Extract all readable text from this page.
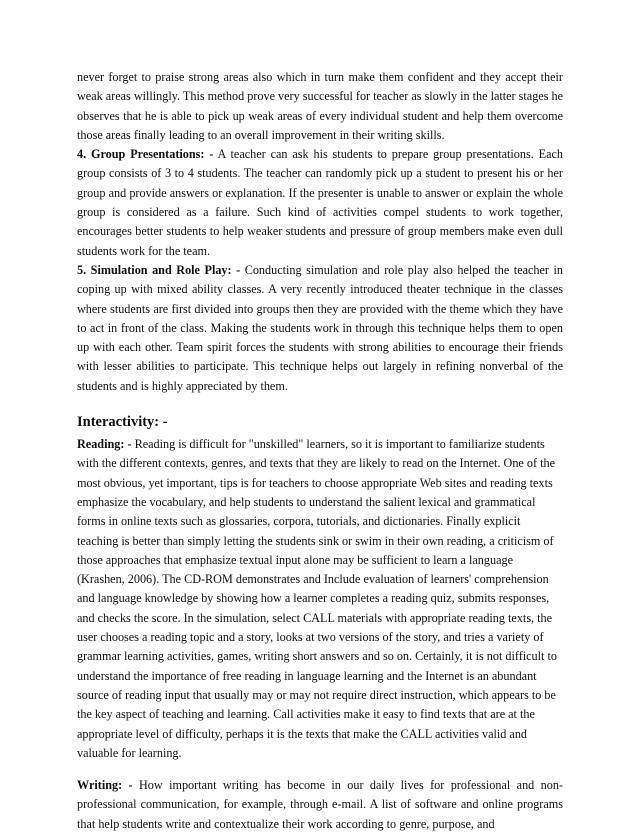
never forget to praise strong areas also which in turn make them confident and they accept their weak areas willingly. This method prove very successful for teacher as slowly in the latter stages he observes that he is able to pick up weak areas of every individual student and help them overcome those areas finally leading to an overall improvement in their writing skills.

4. Group Presentations: - A teacher can ask his students to prepare group presentations. Each group consists of 3 to 4 students. The teacher can randomly pick up a student to present his or her group and provide answers or explanation. If the presenter is unable to answer or explain the whole group is considered as a failure. Such kind of activities compel students to work together, encourages better students to help weaker students and pressure of group members make even dull students work for the team.

5. Simulation and Role Play: - Conducting simulation and role play also helped the teacher in coping up with mixed ability classes. A very recently introduced theater technique in the classes where students are first divided into groups then they are provided with the theme which they have to act in front of the class. Making the students work in through this technique helps them to open up with each other. Team spirit forces the students with strong abilities to encourage their friends with lesser abilities to participate. This technique helps out largely in refining nonverbal of the students and is highly appreciated by them.

Interactivity: -

Reading: - Reading is difficult for "unskilled" learners, so it is important to familiarize students with the different contexts, genres, and texts that they are likely to read on the Internet. One of the most obvious, yet important, tips is for teachers to choose appropriate Web sites and reading texts emphasize the vocabulary, and help students to understand the salient lexical and grammatical forms in online texts such as glossaries, corpora, tutorials, and dictionaries. Finally explicit teaching is better than simply letting the students sink or swim in their own reading, a criticism of those approaches that emphasize textual input alone may be sufficient to learn a language (Krashen, 2006). The CD-ROM demonstrates and Include evaluation of learners' comprehension and language knowledge by showing how a learner completes a reading quiz, submits responses, and checks the score. In the simulation, select CALL materials with appropriate reading texts, the user chooses a reading topic and a story, looks at two versions of the story, and tries a variety of grammar learning activities, games, writing short answers and so on. Certainly, it is not difficult to understand the importance of free reading in language learning and the Internet is an abundant source of reading input that usually may or may not require direct instruction, which appears to be the key aspect of teaching and learning. Call activities make it easy to find texts that are at the appropriate level of difficulty, perhaps it is the texts that make the CALL activities valid and valuable for learning.

Writing: - How important writing has become in our daily lives for professional and non-professional communication, for example, through e-mail. A list of software and online programs that help students write and contextualize their work according to genre, purpose, and
